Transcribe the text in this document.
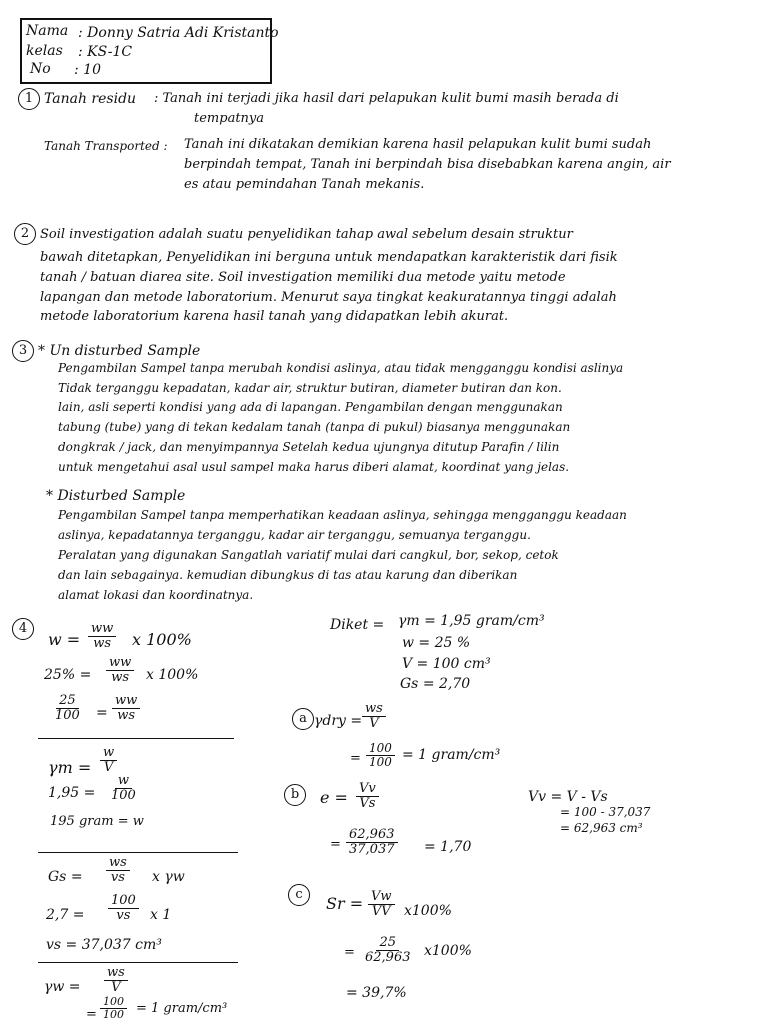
Nama : Donny Satria Adi Kristanto
kelas : KS-1C
No : 10
1 Tanah residu : Tanah ini terjadi jika hasil dari pelapukan kulit bumi masih berada di
tempatnya
Tanah Transported : Tanah ini dikatakan demikian karena hasil pelapukan kulit bumi sudah
berpindah tempat, Tanah ini berpindah bisa disebabkan karena angin, air
es atau pemindahan Tanah mekanis.
2 Soil investigation adalah suatu penyelidikan tahap awal sebelum desain struktur
bawah ditetapkan, Penyelidikan ini berguna untuk mendapatkan karakteristik dari fisik
tanah / batuan diarea site. Soil investigation memiliki dua metode yaitu metode
lapangan dan metode laboratorium. Menurut saya tingkat keakuratannya tinggi adalah
metode laboratorium karena hasil tanah yang didapatkan lebih akurat.
3 * Un disturbed Sample
Pengambilan Sampel tanpa merubah kondisi aslinya, atau tidak mengganggu kondisi aslinya
Tidak terganggu kepadatan, kadar air, struktur butiran, diameter butiran dan kon.
lain, asli seperti kondisi yang ada di lapangan. Pengambilan dengan menggunakan
tabung (tube) yang di tekan kedalam tanah (tanpa di pukul) biasanya menggunakan
dongkrak / jack, dan menyimpannya Setelah kedua ujungnya ditutup Parafin / lilin
untuk mengetahui asal usul sampel maka harus diberi alamat, koordinat yang jelas.
* Disturbed Sample
Pengambilan Sampel tanpa memperhatikan keadaan aslinya, sehingga mengganggu keadaan
aslinya, kepadatannya terganggu, kadar air terganggu, semuanya terganggu.
Peralatan yang digunakan Sangatlah variatif mulai dari cangkul, bor, sekop, cetok
dan lain sebagainya. kemudian dibungkus di tas atau karung dan diberikan
alamat lokasi dan koordinatnya.
4
$w = \frac{ww}{ws}$ x 100%
$25\% = \frac{ww}{ws}$ x 100%
$\frac{25}{100} = \frac{ww}{ws}$
$\gamma m = \frac{w}{V}$
$1,95 = \frac{w}{100}$
195 gram = w
$Gs = \frac{ws}{vs}$ x γw
$2,7 = \frac{100}{vs}$ x 1
vs = 37,037 cm³
$\gamma w = \frac{ws}{V}$
= $\frac{100}{100} = 1$ gram/cm³
Diket = γm = 1,95 gram/cm³
w = 25 %
V = 100 cm³
Gs = 2,70
a $\gamma dry = \frac{ws}{V}$
= $\frac{100}{100} = 1$ gram/cm³
b	$e = \frac{Vv}{Vs}$
= $\frac{62,963}{37,037} = 1,70$
Vv = V - Vs
= 100 - 37,037
= 62,963 cm³
c	$Sr = \frac{Vw}{VV} x100\%$
= $\frac{25}{62,963} x100\%$
= 39,7%
